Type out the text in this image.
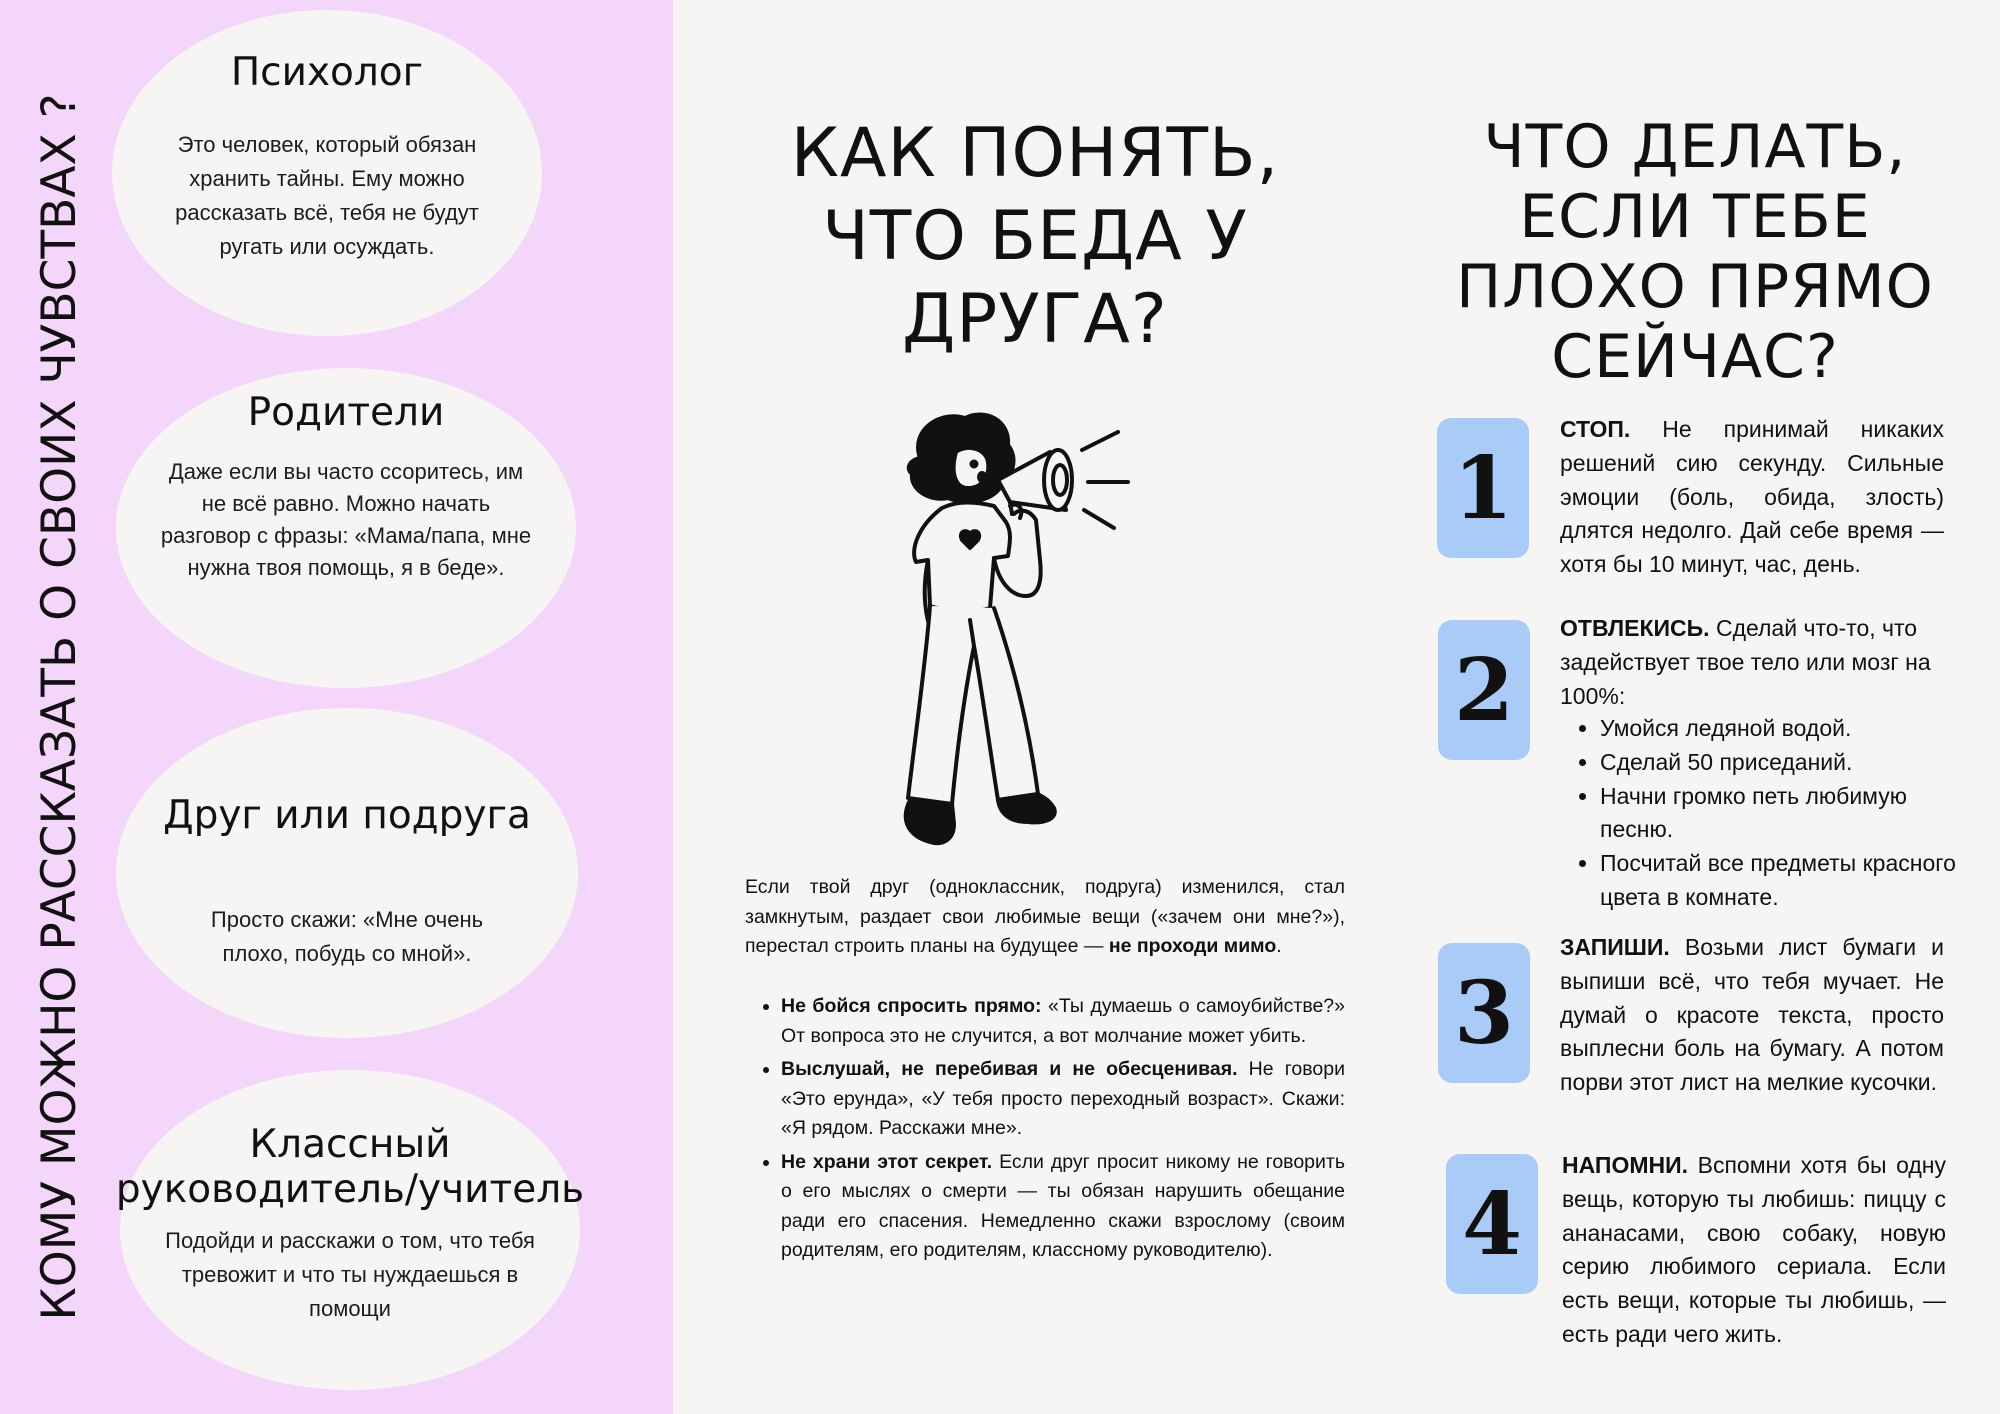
КОМУ МОЖНО РАССКАЗАТЬ О СВОИХ ЧУВСТВАХ ?
Психолог

Это человек, который обязан хранить тайны. Ему можно рассказать всё, тебя не будут ругать или осуждать.

Родители

Даже если вы часто ссоритесь, им не всё равно. Можно начать разговор с фразы: «Мама/папа, мне нужна твоя помощь, я в беде».

Друг или подруга

Просто скажи: «Мне очень плохо, побудь со мной».

Классный руководитель/учитель

Подойди и расскажи о том, что тебя тревожит и что ты нуждаешься в помощи

КАК ПОНЯТЬ, ЧТО БЕДА У ДРУГА?

Если твой друг (одноклассник, подруга) изменился, стал замкнутым, раздает свои любимые вещи («зачем они мне?»), перестал строить планы на будущее — не проходи мимо.

• Не бойся спросить прямо: «Ты думаешь о самоубийстве?» От вопроса это не случится, а вот молчание может убить.
• Выслушай, не перебивая и не обесценивая. Не говори «Это ерунда», «У тебя просто переходный возраст». Скажи: «Я рядом. Расскажи мне».
• Не храни этот секрет. Если друг просит никому не говорить о его мыслях о смерти — ты обязан нарушить обещание ради его спасения. Немедленно скажи взрослому (своим родителям, его родителям, классному руководителю).
ЧТО ДЕЛАТЬ, ЕСЛИ ТЕБЕ ПЛОХО ПРЯМО СЕЙЧАС?
1
2
3
4

СТОП. Не принимай никаких решений сию секунду. Сильные эмоции (боль, обида, злость) длятся недолго. Дай себе время — хотя бы 10 минут, час, день.

ОТВЛЕКИСЬ. Сделай что-то, что задействует твое тело или мозг на 100%:

• Умойся ледяной водой.
• Сделай 50 приседаний.
• Начни громко петь любимую песню.
• Посчитай все предметы красного цвета в комнате.

ЗАПИШИ. Возьми лист бумаги и выпиши всё, что тебя мучает. Не думай о красоте текста, просто выплесни боль на бумагу. А потом порви этот лист на мелкие кусочки.

НАПОМНИ. Вспомни хотя бы одну вещь, которую ты любишь: пиццу с ананасами, свою собаку, новую серию любимого сериала. Если есть вещи, которые ты любишь, — есть ради чего жить.
